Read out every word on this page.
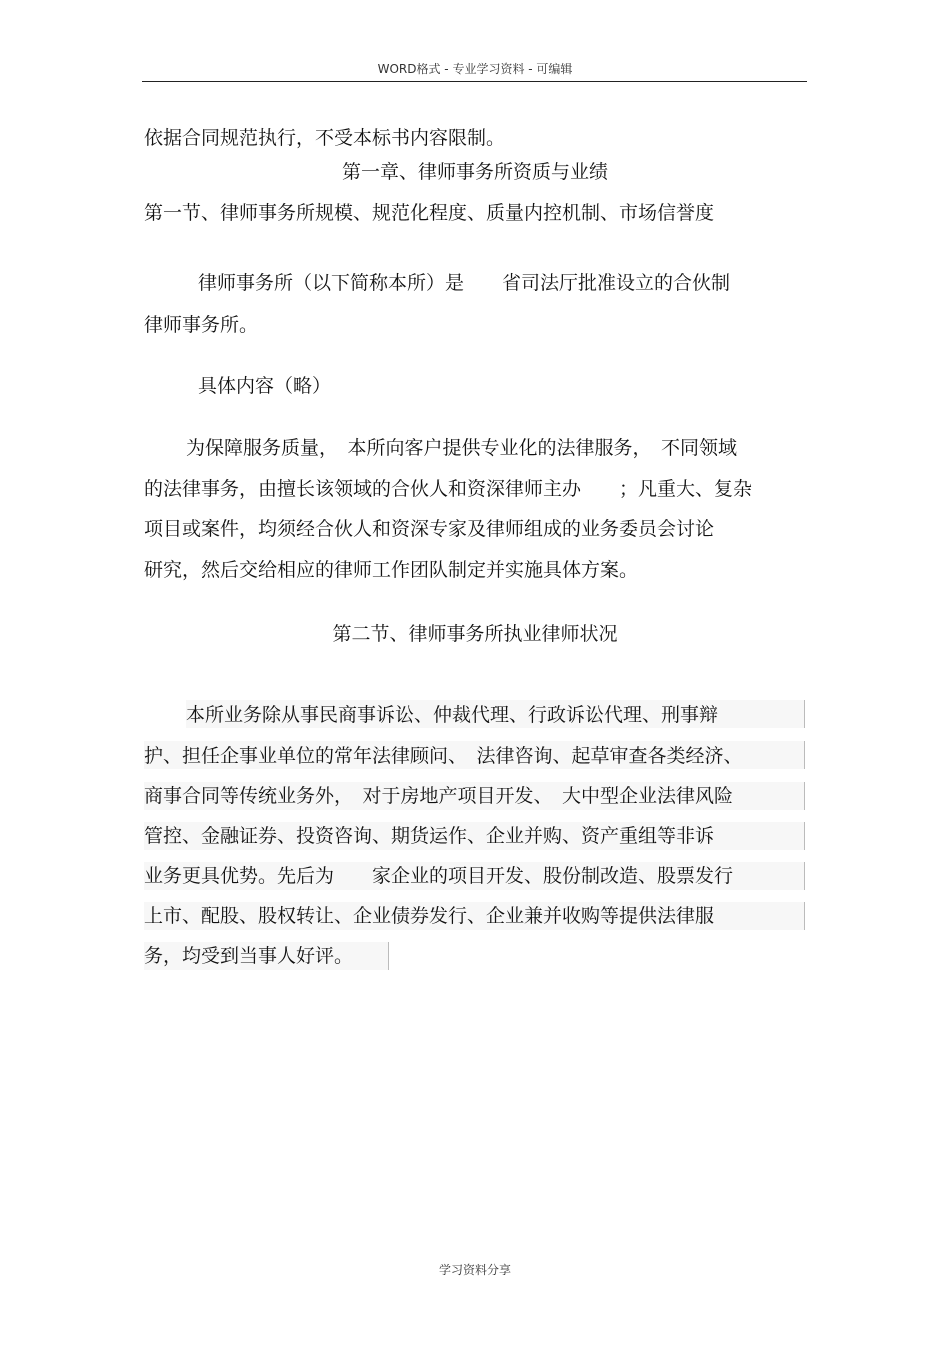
WORD格式 - 专业学习资料 - 可编辑
依据合同规范执行，不受本标书内容限制。
第一章、律师事务所资质与业绩
第一节、律师事务所规模、规范化程度、质量内控机制、市场信誉度
律师事务所（以下简称本所）是　　省司法厅批准设立的合伙制
律师事务所。
具体内容（略）
为保障服务质量，　本所向客户提供专业化的法律服务，　不同领域
的法律事务，由擅长该领域的合伙人和资深律师主办　　；凡重大、复杂
项目或案件，均须经合伙人和资深专家及律师组成的业务委员会讨论
研究，然后交给相应的律师工作团队制定并实施具体方案。
第二节、律师事务所执业律师状况
本所业务除从事民商事诉讼、仲裁代理、行政诉讼代理、刑事辩
护、担任企事业单位的常年法律顾问、　法律咨询、起草审查各类经济、
商事合同等传统业务外，　对于房地产项目开发、　大中型企业法律风险
管控、金融证券、投资咨询、期货运作、企业并购、资产重组等非诉
业务更具优势。先后为　　家企业的项目开发、股份制改造、股票发行
上市、配股、股权转让、企业债券发行、企业兼并收购等提供法律服
务，均受到当事人好评。
学习资料分享
